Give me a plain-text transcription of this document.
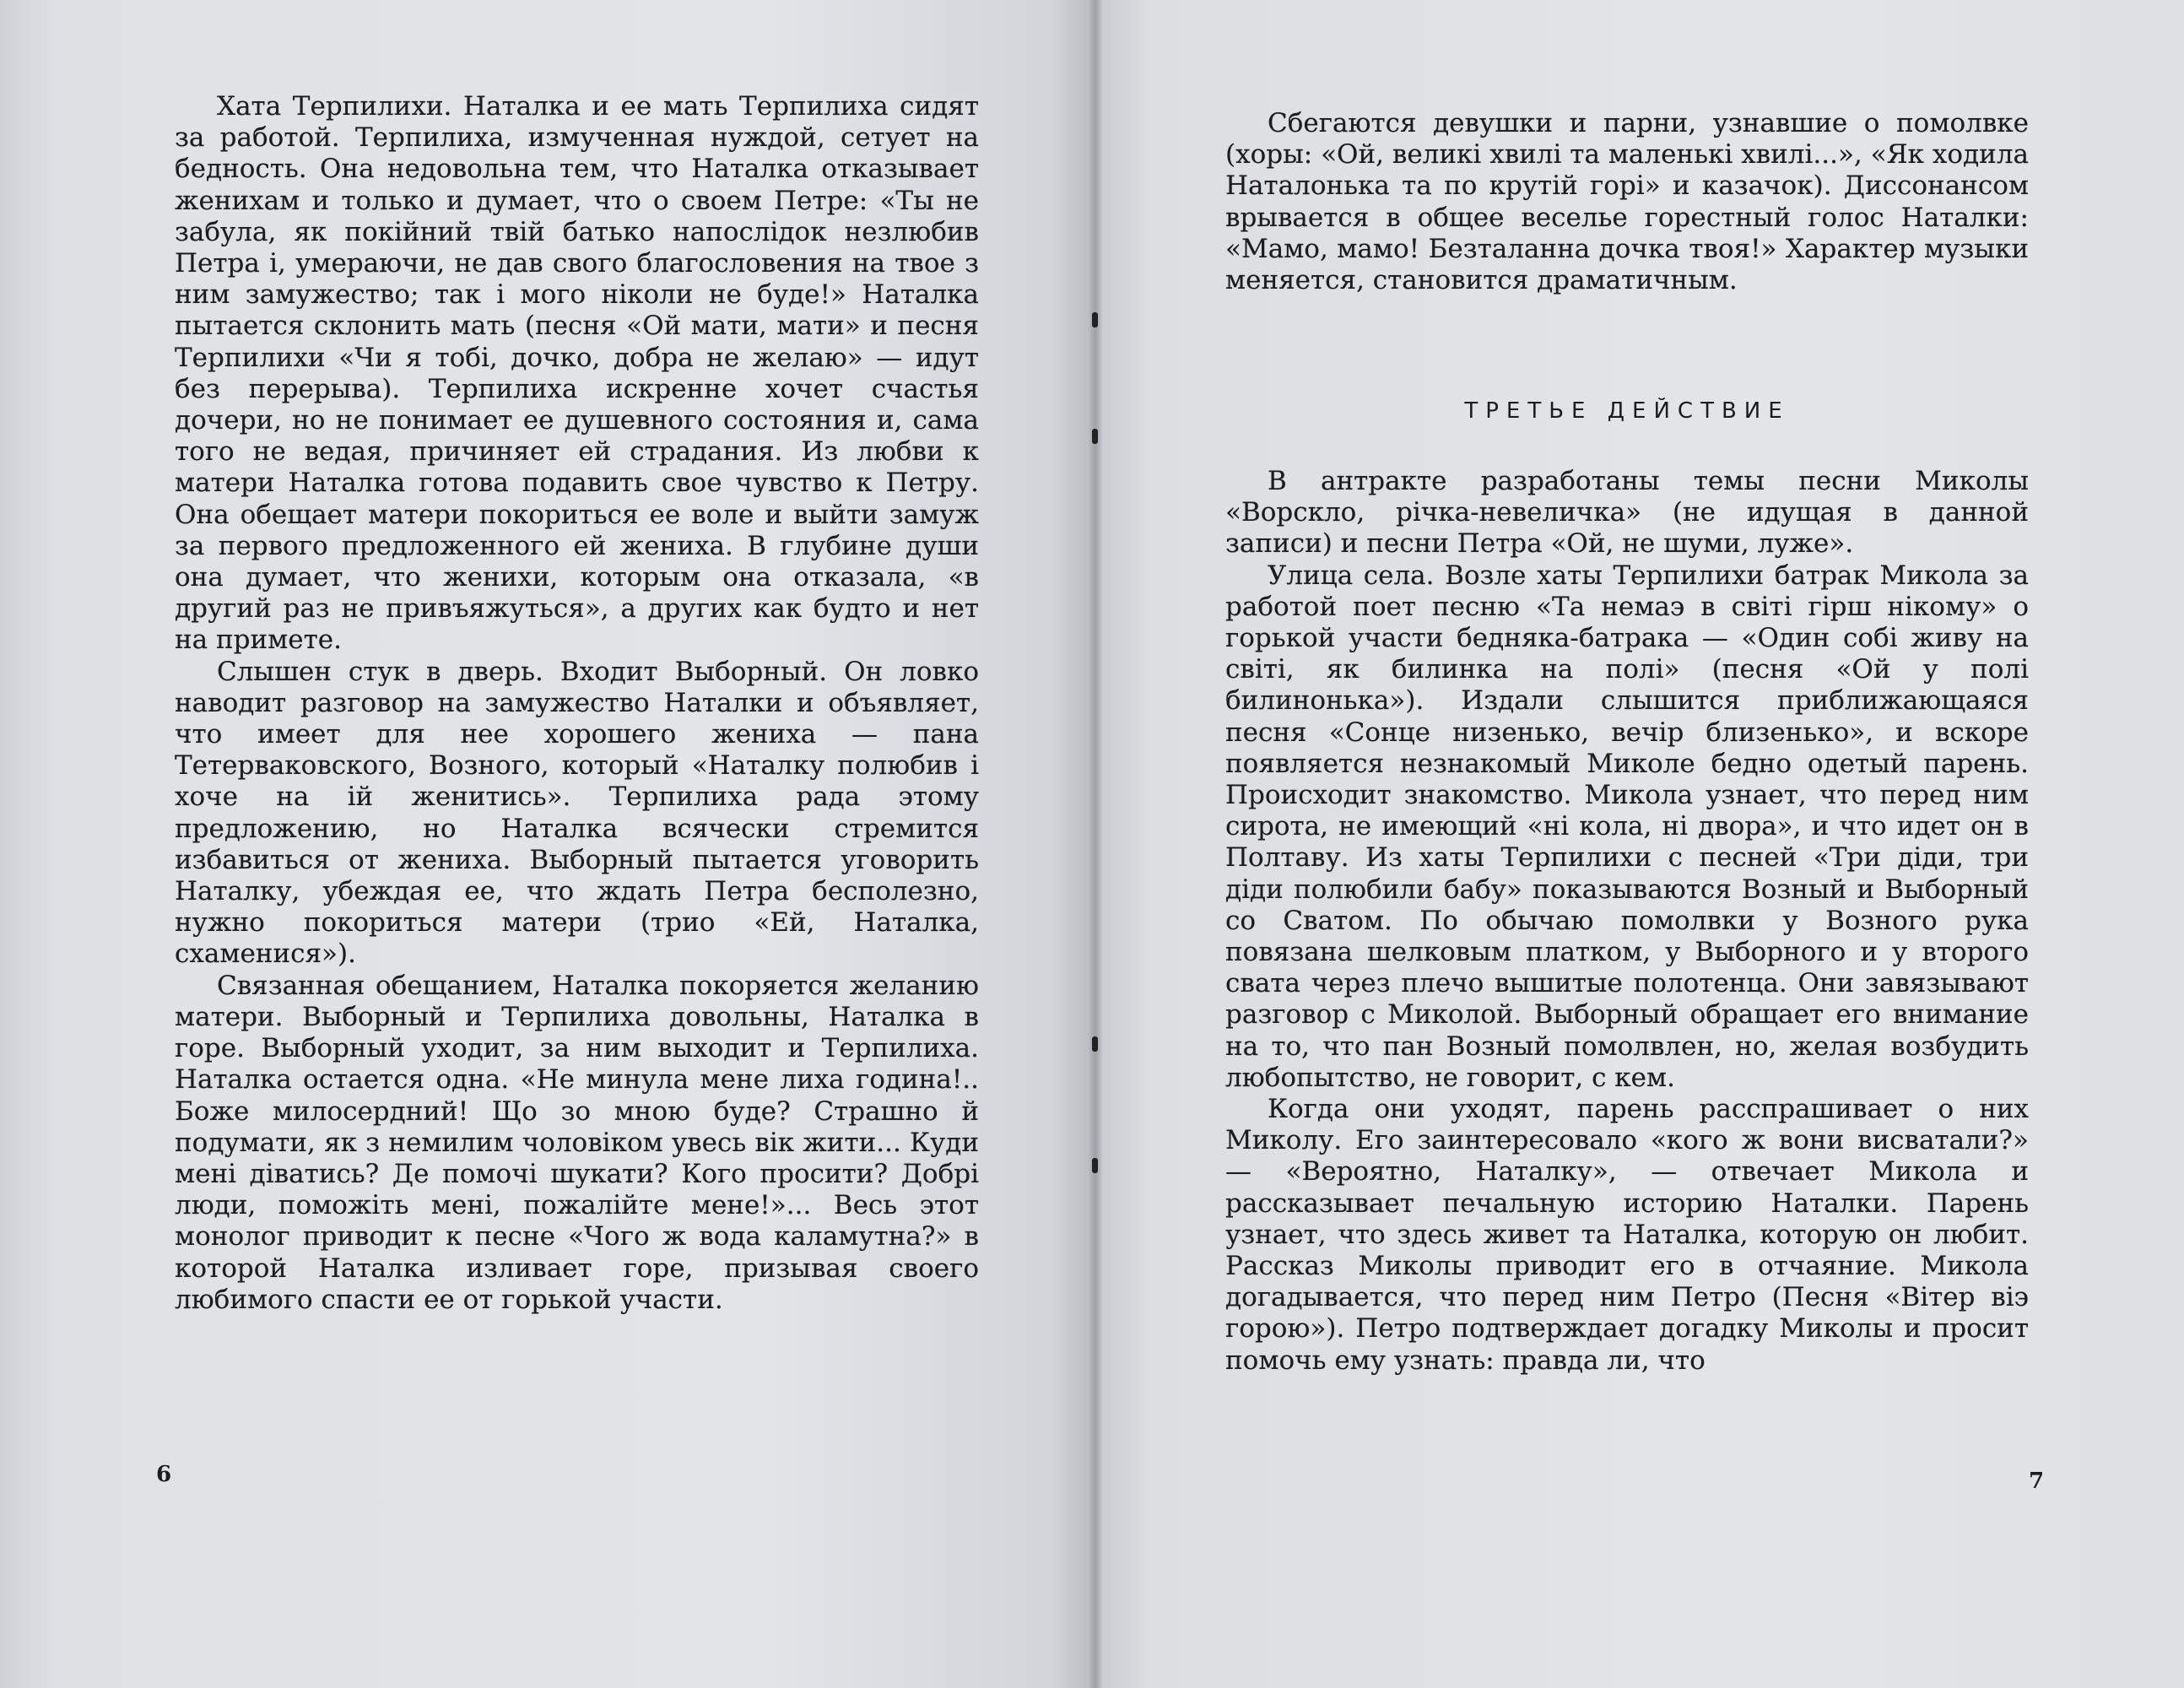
Хата Терпилихи. Наталка и ее мать Терпилиха сидят за работой. Терпилиха, измученная нуждой, сетует на бедность. Она недовольна тем, что Наталка отказывает женихам и только и думает, что о своем Петре: «Ты не забула, як покійний твій батько напослідок незлюбив Петра і, умераючи, не дав свого благословения на твое з ним замужество; так і мого ніколи не буде!» Наталка пытается склонить мать (песня «Ой мати, мати» и песня Терпилихи «Чи я тобі, дочко, добра не желаю» — идут без перерыва). Терпилиха искренне хочет счастья дочери, но не понимает ее душевного состояния и, сама того не ведая, причиняет ей страдания. Из любви к матери Наталка готова подавить свое чувство к Петру. Она обещает матери покориться ее воле и выйти замуж за первого предложенного ей жениха. В глубине души она думает, что женихи, которым она отказала, «в другий раз не привъяжуться», а других как будто и нет на примете.

Слышен стук в дверь. Входит Выборный. Он ловко наводит разговор на замужество Наталки и объявляет, что имеет для нее хорошего жениха — пана Тетерваковского, Возного, который «Наталку полюбив і хоче на ій женитись». Терпилиха рада этому предложению, но Наталка всячески стремится избавиться от жениха. Выборный пытается уговорить Наталку, убеждая ее, что ждать Петра бесполезно, нужно покориться матери (трио «Ей, Наталка, схаменися»).

Связанная обещанием, Наталка покоряется желанию матери. Выборный и Терпилиха довольны, Наталка в горе. Выборный уходит, за ним выходит и Терпилиха. Наталка остается одна. «Не минула мене лиха година!.. Боже милосердний! Що зо мною буде? Страшно й подумати, як з немилим чоловіком увесь вік жити... Куди мені діватись? Де помочі шукати? Кого просити? Добрі люди, поможіть мені, пожалійте мене!»... Весь этот монолог приводит к песне «Чого ж вода каламутна?» в которой Наталка изливает горе, призывая своего любимого спасти ее от горькой участи.

6

Сбегаются девушки и парни, узнавшие о помолвке (хоры: «Ой, великі хвилі та маленькі хвилі...», «Як ходила Наталонька та по крутій горі» и казачок). Диссонансом врывается в общее веселье горестный голос Наталки: «Мамо, мамо! Безталанна дочка твоя!» Характер музыки меняется, становится драматичным.

ТРЕТЬЕ ДЕЙСТВИЕ

В антракте разработаны темы песни Миколы «Ворскло, річка-невеличка» (не идущая в данной записи) и песни Петра «Ой, не шуми, луже».

Улица села. Возле хаты Терпилихи батрак Микола за работой поет песню «Та немаэ в світі гірш нікому» о горькой участи бедняка-батрака — «Один собі живу на світі, як билинка на полі» (песня «Ой у полі билинонька»). Издали слышится приближающаяся песня «Сонце низенько, вечір близенько», и вскоре появляется незнакомый Миколе бедно одетый парень. Происходит знакомство. Микола узнает, что перед ним сирота, не имеющий «ні кола, ні двора», и что идет он в Полтаву. Из хаты Терпилихи с песней «Три діди, три діди полюбили бабу» показываются Возный и Выборный со Сватом. По обычаю помолвки у Возного рука повязана шелковым платком, у Выборного и у второго свата через плечо вышитые полотенца. Они завязывают разговор с Миколой. Выборный обращает его внимание на то, что пан Возный помолвлен, но, желая возбудить любопытство, не говорит, с кем.

Когда они уходят, парень расспрашивает о них Миколу. Его заинтересовало «кого ж вони висватали?» — «Вероятно, Наталку», — отвечает Микола и рассказывает печальную историю Наталки. Парень узнает, что здесь живет та Наталка, которую он любит. Рассказ Миколы приводит его в отчаяние. Микола догадывается, что перед ним Петро (Песня «Вітер віэ горою»). Петро подтверждает догадку Миколы и просит помочь ему узнать: правда ли, что

7
